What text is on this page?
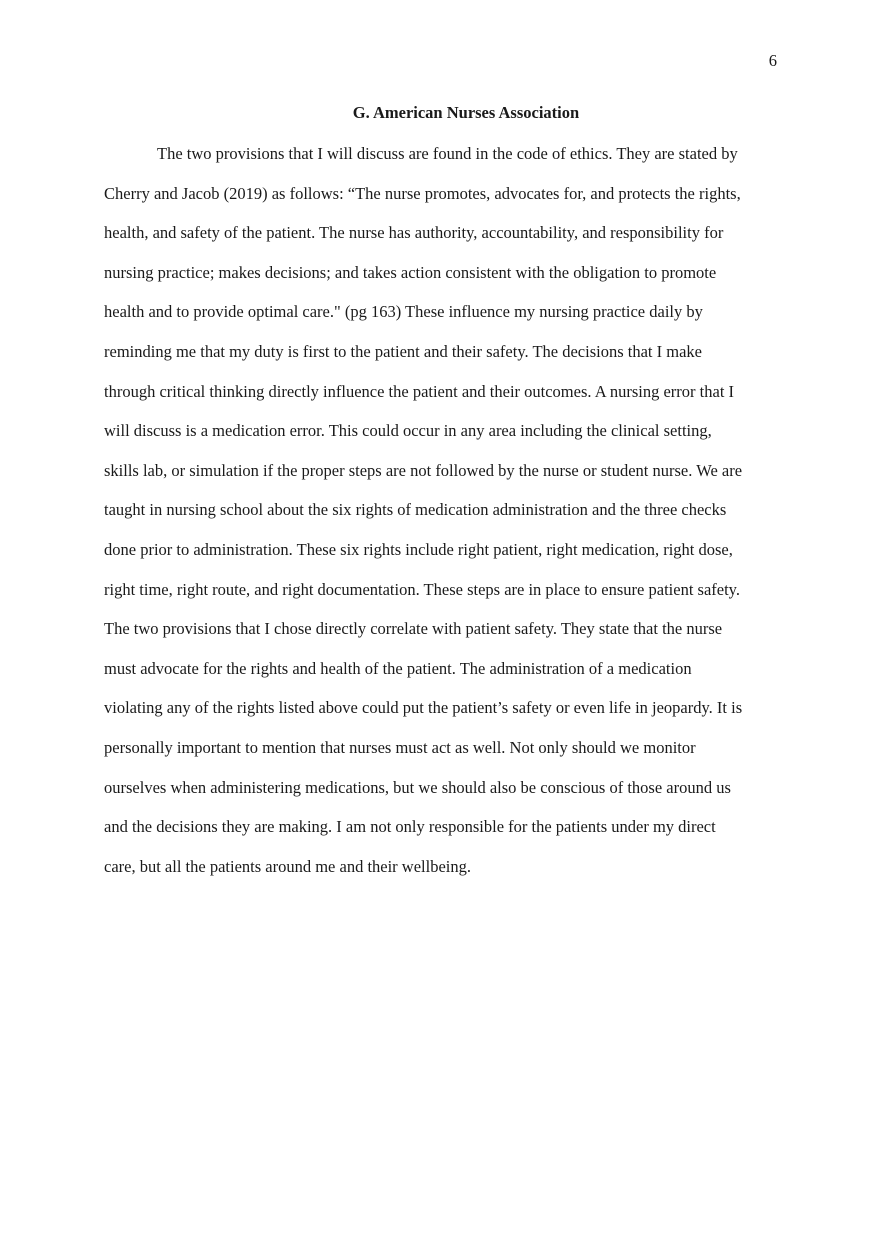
6
G. American Nurses Association
The two provisions that I will discuss are found in the code of ethics. They are stated by
Cherry and Jacob (2019) as follows: “The nurse promotes, advocates for, and protects the rights,
health, and safety of the patient. The nurse has authority, accountability, and responsibility for
nursing practice; makes decisions; and takes action consistent with the obligation to promote
health and to provide optimal care." (pg 163) These influence my nursing practice daily by
reminding me that my duty is first to the patient and their safety. The decisions that I make
through critical thinking directly influence the patient and their outcomes. A nursing error that I
will discuss is a medication error. This could occur in any area including the clinical setting,
skills lab, or simulation if the proper steps are not followed by the nurse or student nurse. We are
taught in nursing school about the six rights of medication administration and the three checks
done prior to administration. These six rights include right patient, right medication, right dose,
right time, right route, and right documentation. These steps are in place to ensure patient safety.
The two provisions that I chose directly correlate with patient safety. They state that the nurse
must advocate for the rights and health of the patient. The administration of a medication
violating any of the rights listed above could put the patient’s safety or even life in jeopardy. It is
personally important to mention that nurses must act as well. Not only should we monitor
ourselves when administering medications, but we should also be conscious of those around us
and the decisions they are making. I am not only responsible for the patients under my direct
care, but all the patients around me and their wellbeing.
